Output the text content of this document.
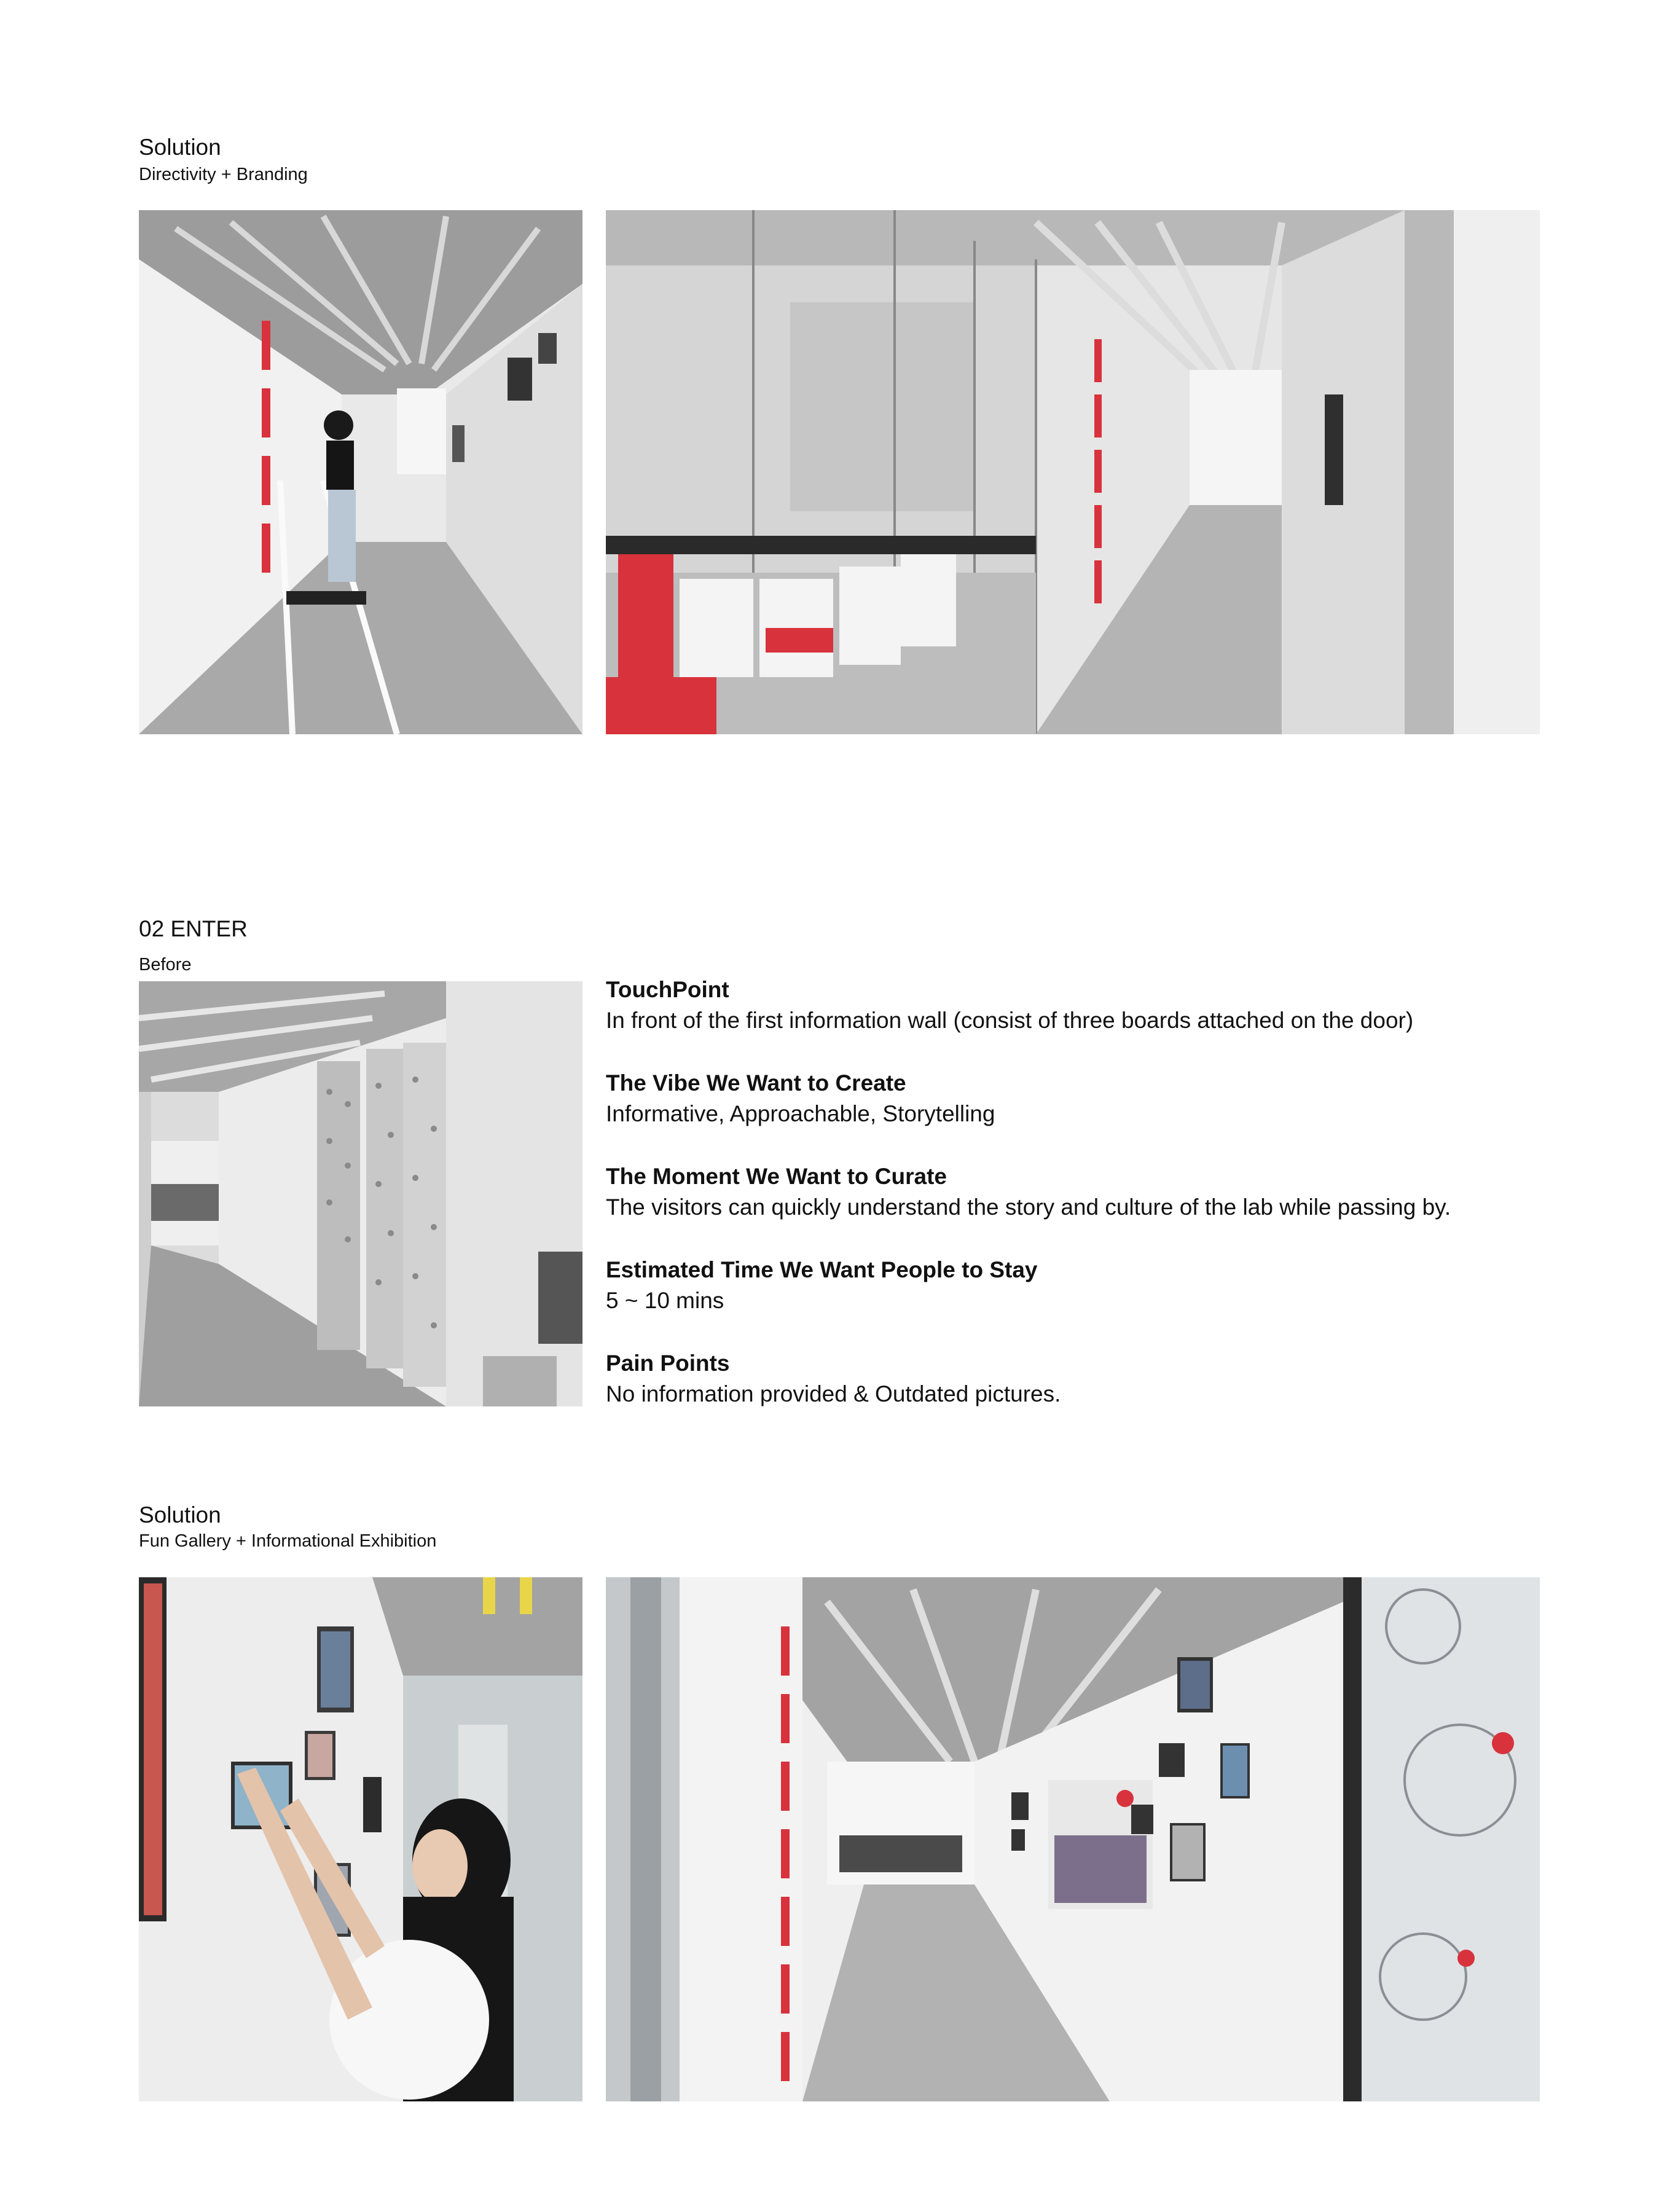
Solution
Directivity + Branding
02 ENTER
Before
TouchPoint
In front of the first information wall (consist of three boards attached on the door)
The Vibe We Want to Create
Informative, Approachable, Storytelling
The Moment We Want to Curate
The visitors can quickly understand the story and culture of the lab while passing by.
Estimated Time We Want People to Stay
5 ~ 10 mins
Pain Points
No information provided & Outdated pictures.
Solution
Fun Gallery + Informational Exhibition
